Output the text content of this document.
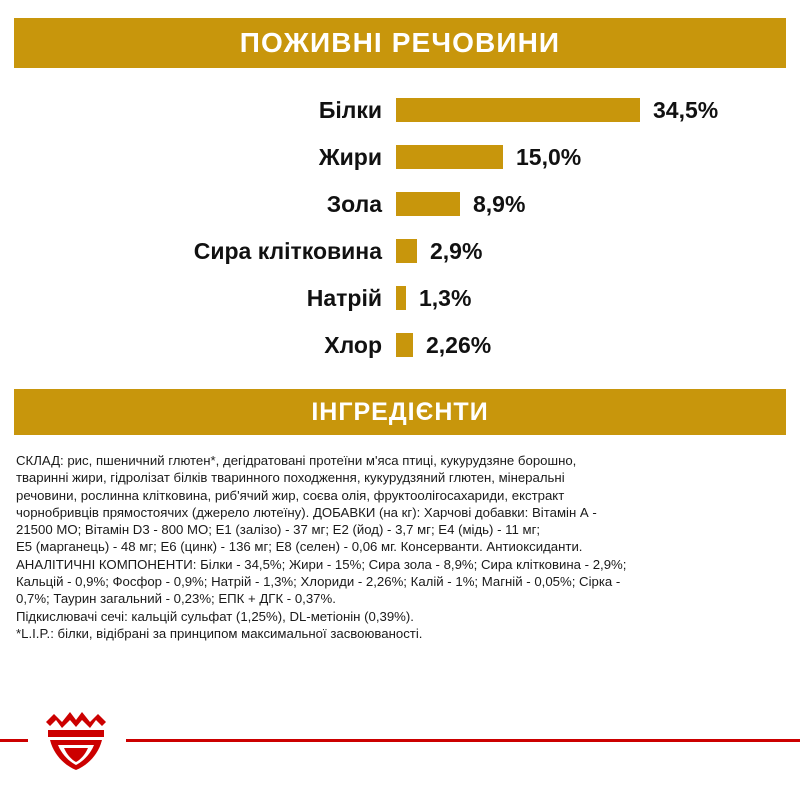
ПОЖИВНІ РЕЧОВИНИ
Білки	34,5%
Жири	15,0%
Зола	8,9%
Сира клітковина	2,9%
Натрій	1,3%
Хлор	2,26%
ІНГРЕДІЄНТИ

СКЛАД: рис, пшеничний глютен*, дегідратовані протеїни м'яса птиці, кукурудзяне борошно,

тваринні жири, гідролізат білків тваринного походження, кукурудзяний глютен, мінеральні

речовини, рослинна клітковина, риб'ячий жир, соєва олія, фруктоолігосахариди, екстракт

чорнобривців прямостоячих (джерело лютеїну). ДОБАВКИ (на кг): Харчові добавки: Вітамін А -

21500 МО; Вітамін D3 - 800 МО; Е1 (залізо) - 37 мг; Е2 (йод) - 3,7 мг; Е4 (мідь) - 11 мг;

Е5 (марганець) - 48 мг; Е6 (цинк) - 136 мг; Е8 (селен) - 0,06 мг. Консерванти. Антиоксиданти.

АНАЛІТИЧНІ КОМПОНЕНТИ: Білки - 34,5%; Жири - 15%; Сира зола - 8,9%; Сира клітковина - 2,9%;

Кальцій - 0,9%; Фосфор - 0,9%; Натрій - 1,3%; Хлориди - 2,26%; Калій - 1%; Магній - 0,05%; Сірка -

0,7%; Таурин загальний - 0,23%; ЕПК + ДГК - 0,37%.

Підкислювачі сечі: кальцій сульфат (1,25%), DL-метіонін (0,39%).

*L.I.P.: білки, відібрані за принципом максимальної засвоюваності.
